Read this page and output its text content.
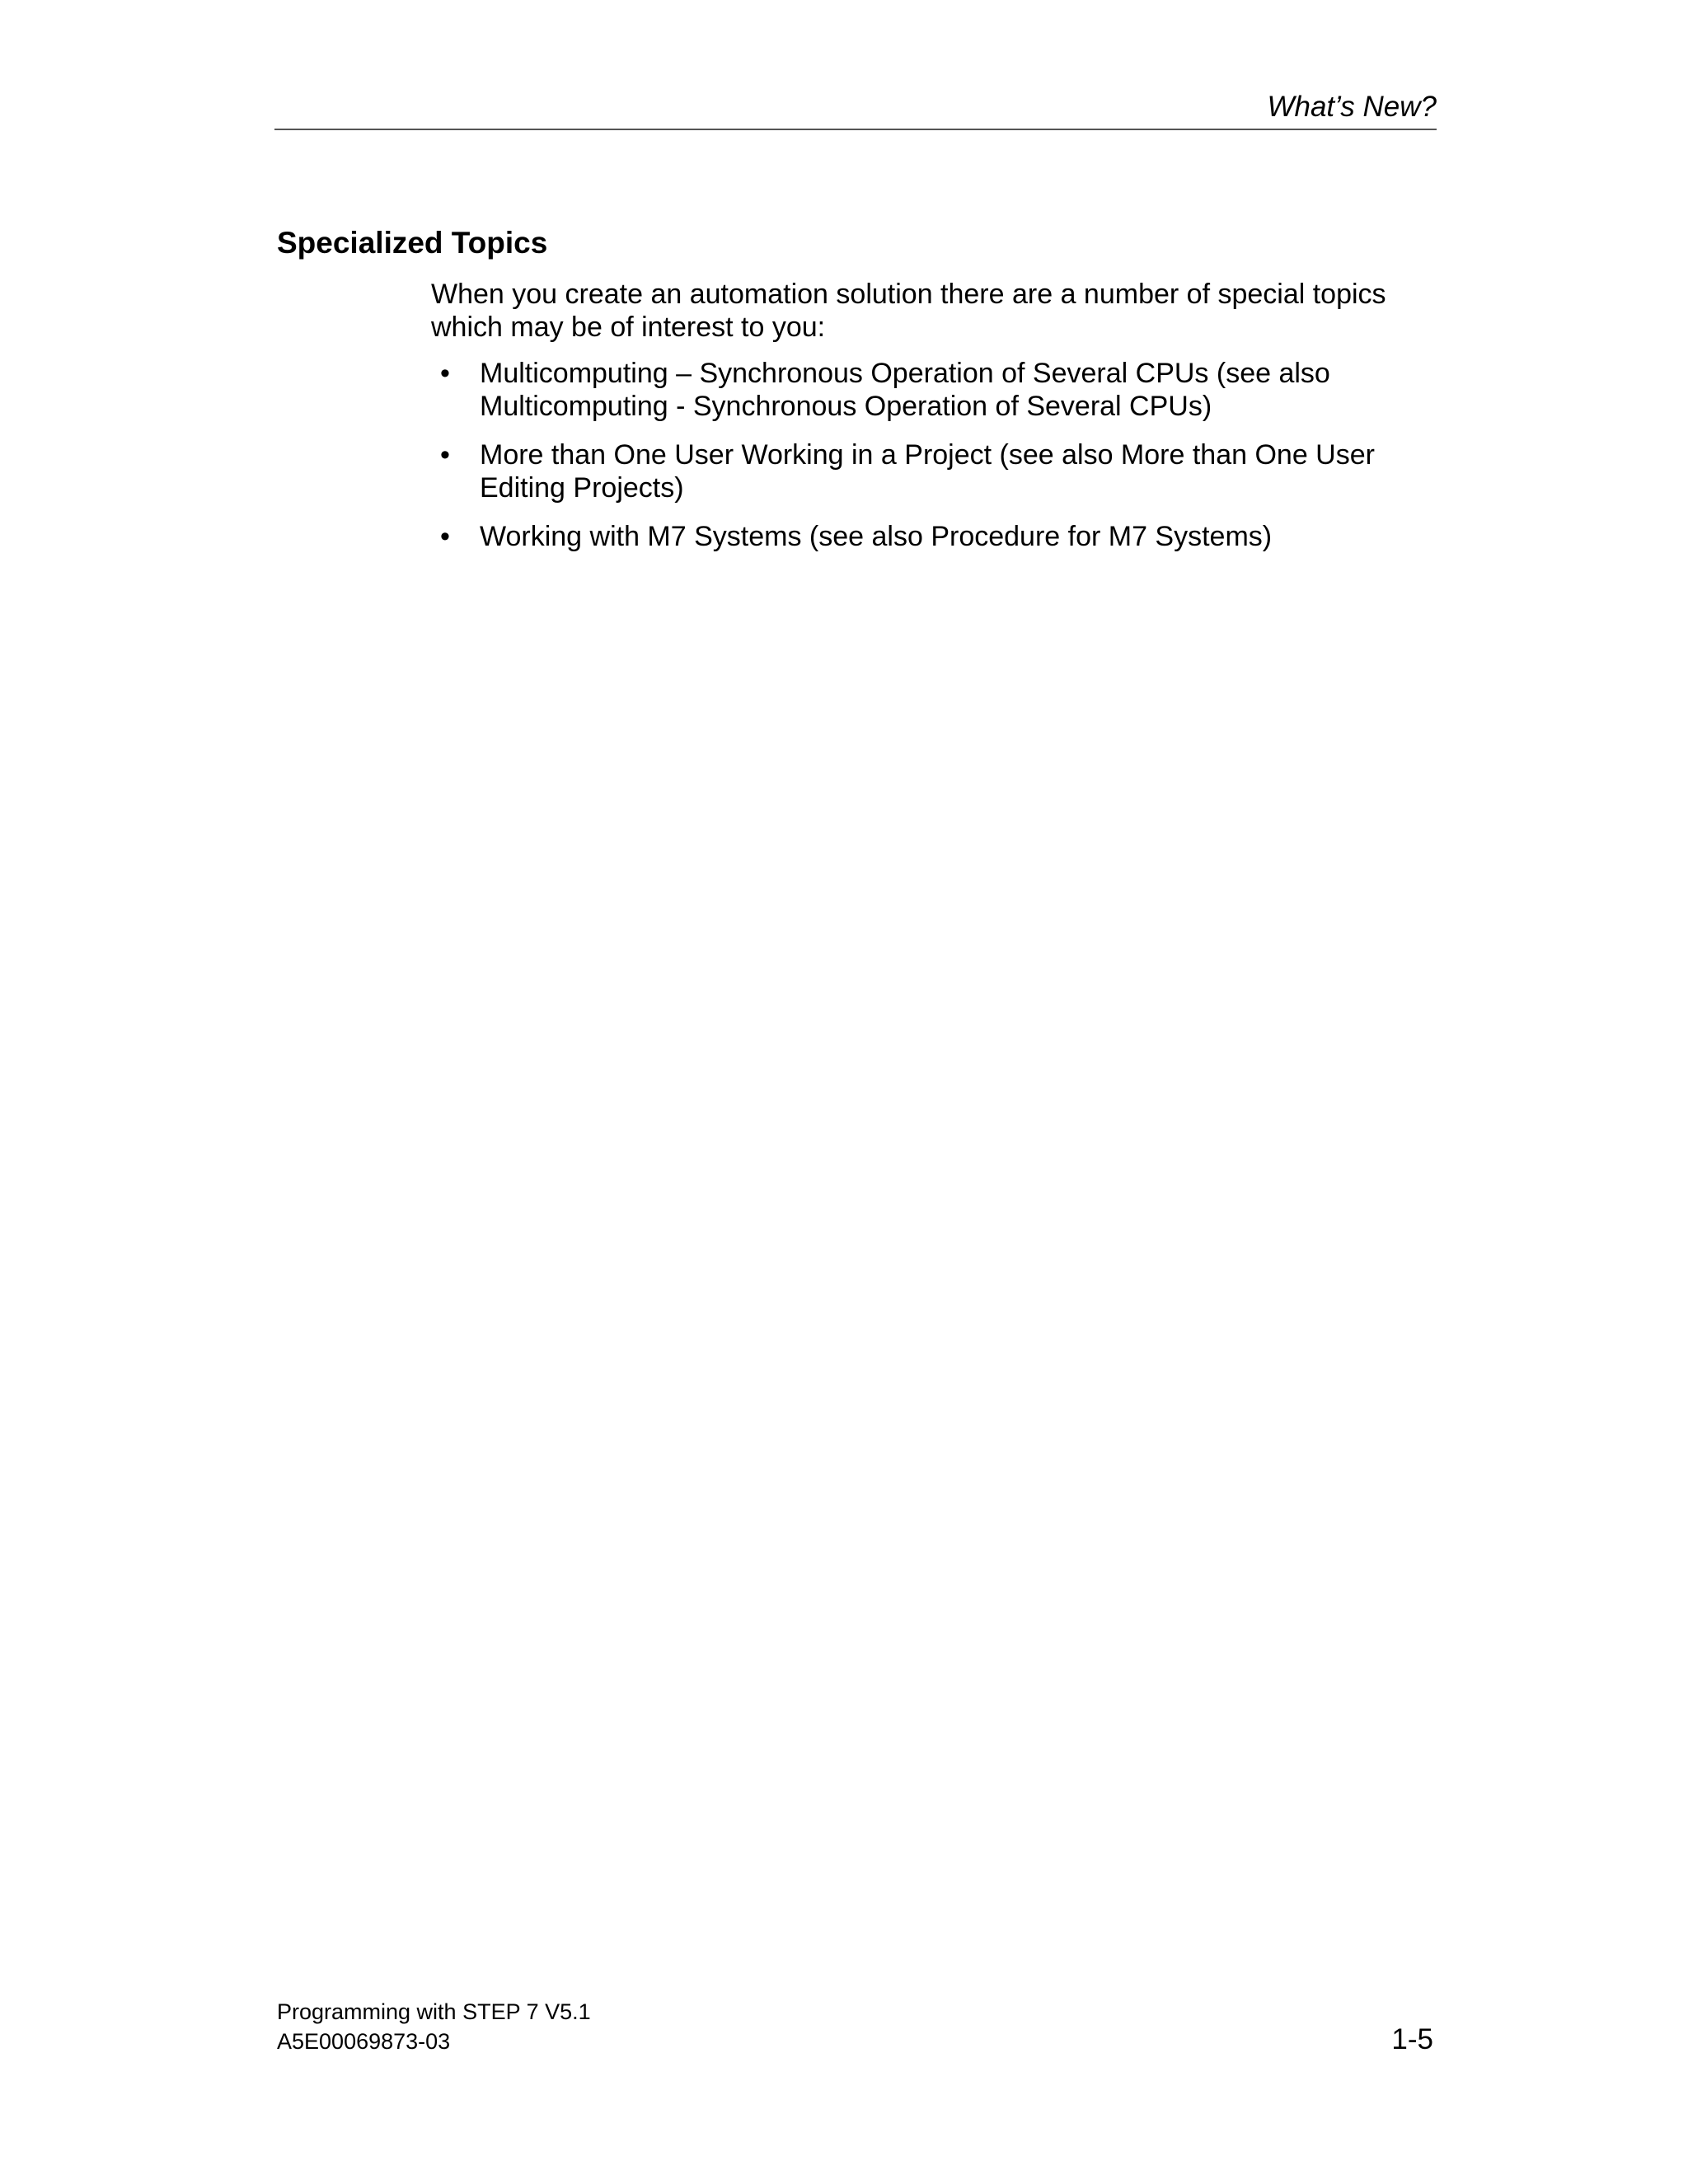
What’s New?
Specialized Topics

When you create an automation solution there are a number of special topics which may be of interest to you:

• Multicomputing – Synchronous Operation of Several CPUs (see also Multicomputing - Synchronous Operation of Several CPUs)
• More than One User Working in a Project (see also More than One User Editing Projects)
• Working with M7 Systems (see also Procedure for M7 Systems)
Programming with STEP 7 V5.1
A5E00069873-03	1-5
